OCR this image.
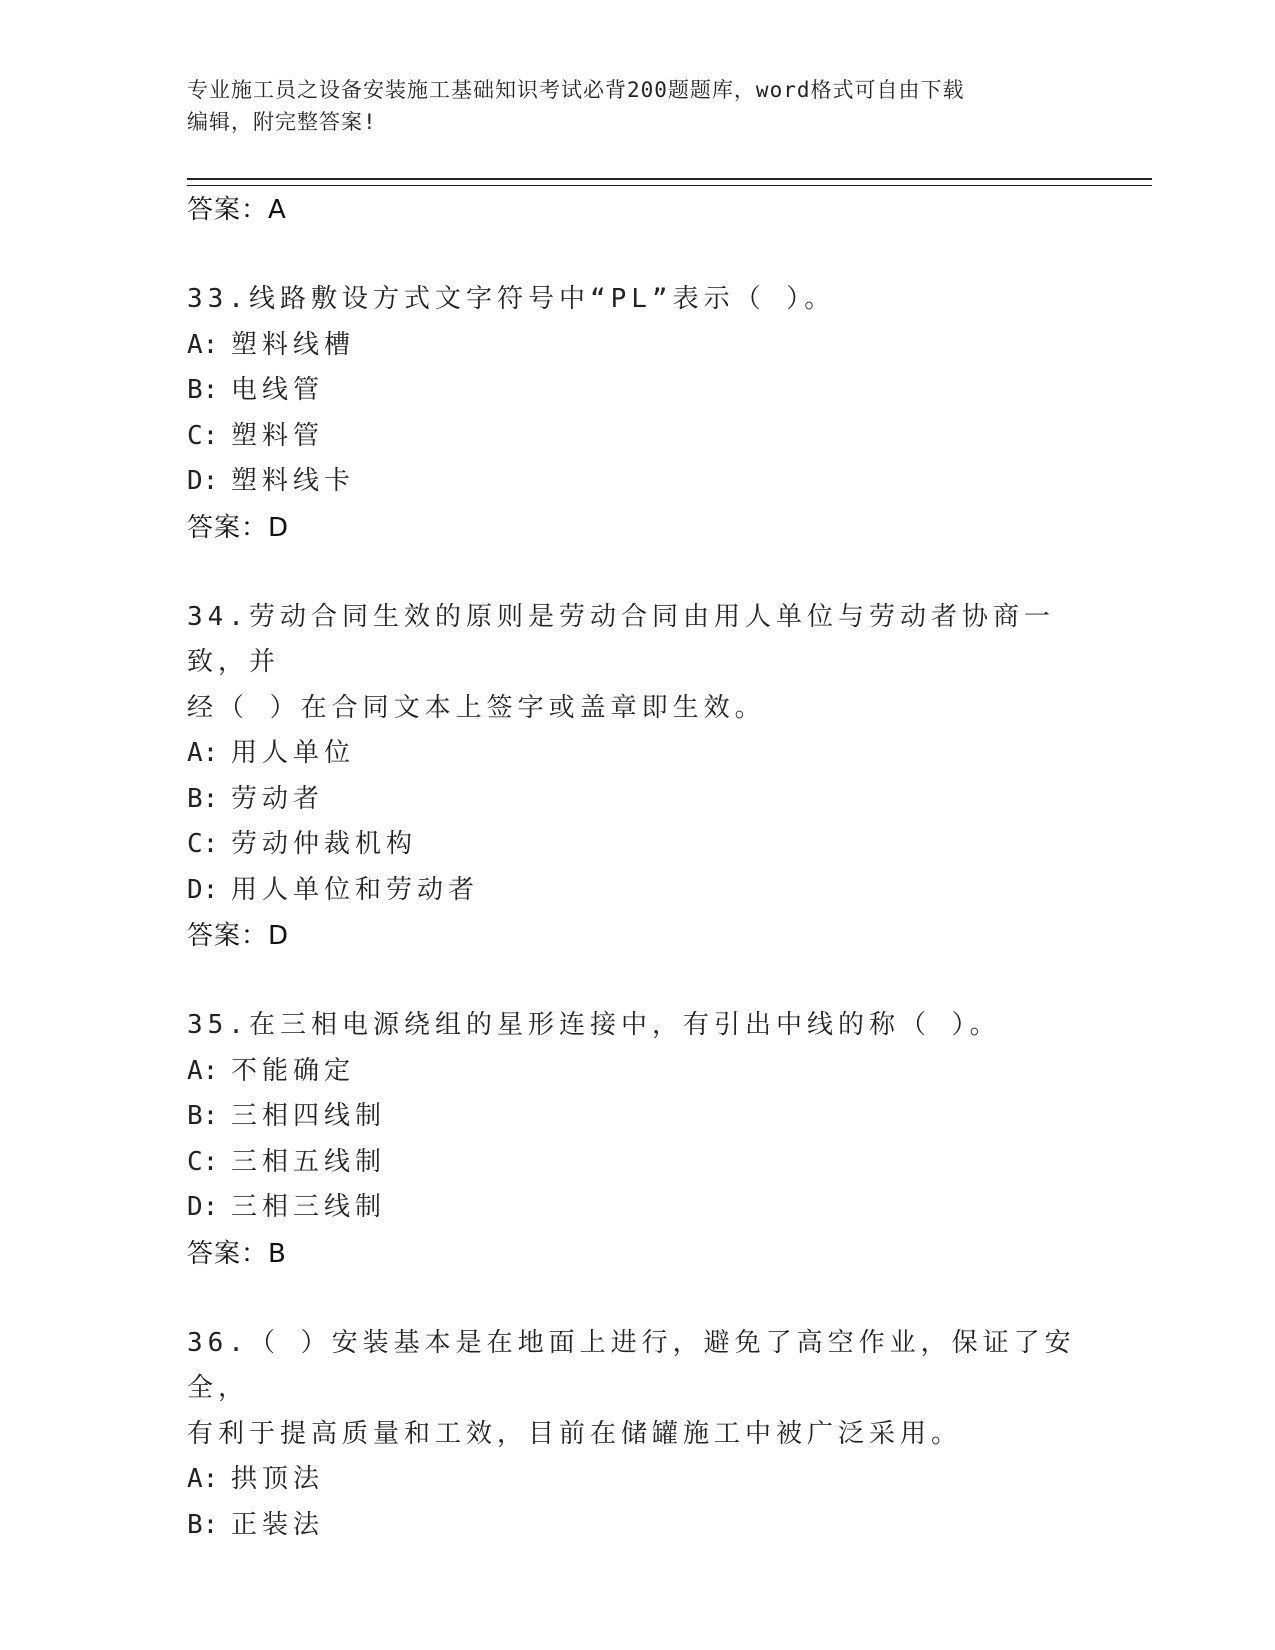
专业施工员之设备安装施工基础知识考试必背200题题库，word格式可自由下载
编辑，附完整答案!
答案：A
33.线路敷设方式文字符号中“PL”表示（ ）。
A: 塑料线槽
B: 电线管
C: 塑料管
D: 塑料线卡
答案：D
34.劳动合同生效的原则是劳动合同由用人单位与劳动者协商一致，并
经（ ）在合同文本上签字或盖章即生效。
A: 用人单位
B: 劳动者
C: 劳动仲裁机构
D: 用人单位和劳动者
答案：D
35.在三相电源绕组的星形连接中，有引出中线的称（ ）。
A: 不能确定
B: 三相四线制
C: 三相五线制
D: 三相三线制
答案：B
36.（ ）安装基本是在地面上进行，避免了高空作业，保证了安全，
有利于提高质量和工效，目前在储罐施工中被广泛采用。
A: 拱顶法
B: 正装法
